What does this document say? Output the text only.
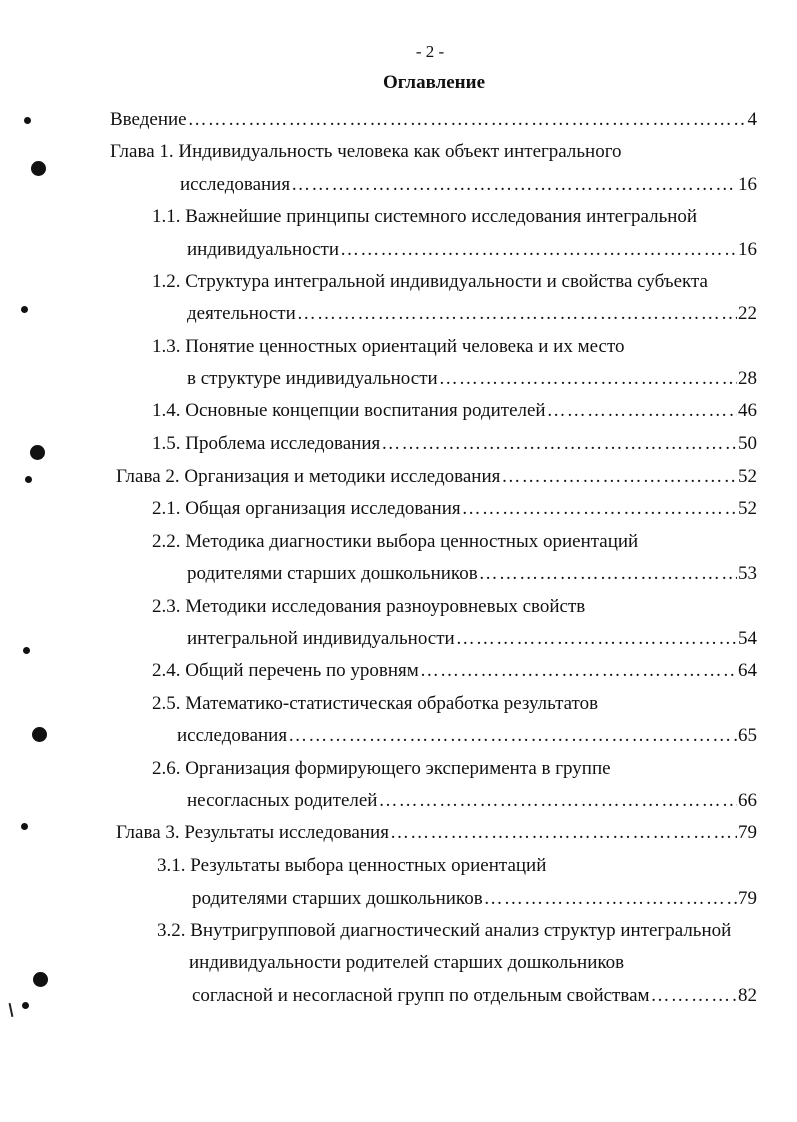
- 2 -
Оглавление
Введение ………………………………………………………………………………………………………………………………………………………………………………………………	4
Глава 1. Индивидуальность человека как объект интегрального
исследования ………………………………………………………………………………………………………………………………………………………………………………………………	16
1.1. Важнейшие принципы системного исследования интегральной
индивидуальности ………………………………………………………………………………………………………………………………………………………………………………………………	16
1.2. Структура интегральной индивидуальности и свойства субъекта
деятельности ………………………………………………………………………………………………………………………………………………………………………………………………	22
1.3. Понятие ценностных ориентаций человека и их место
в структуре индивидуальности ………………………………………………………………………………………………………………………………………………………………………………………………	28
1.4. Основные концепции воспитания родителей ………………………………………………………………………………………………………………………………………………………………………………………………	46
1.5. Проблема исследования ………………………………………………………………………………………………………………………………………………………………………………………………	50
Глава 2. Организация и методики исследования ………………………………………………………………………………………………………………………………………………………………………………………………	52
2.1. Общая организация исследования ………………………………………………………………………………………………………………………………………………………………………………………………	52
2.2. Методика диагностики выбора ценностных ориентаций
родителями старших дошкольников ………………………………………………………………………………………………………………………………………………………………………………………………	53
2.3. Методики исследования разноуровневых свойств
интегральной индивидуальности ………………………………………………………………………………………………………………………………………………………………………………………………	54
2.4. Общий перечень по уровням ………………………………………………………………………………………………………………………………………………………………………………………………	64
2.5. Математико-статистическая обработка результатов
исследования ………………………………………………………………………………………………………………………………………………………………………………………………	65
2.6. Организация формирующего эксперимента в группе
несогласных родителей ………………………………………………………………………………………………………………………………………………………………………………………………	66
Глава 3. Результаты исследования ………………………………………………………………………………………………………………………………………………………………………………………………	79
3.1. Результаты выбора ценностных ориентаций
родителями старших дошкольников ………………………………………………………………………………………………………………………………………………………………………………………………	79
3.2. Внутригрупповой диагностический анализ структур интегральной
индивидуальности родителей старших дошкольников
согласной и несогласной групп по отдельным свойствам ………………………………………………………………………………………………………………………………………………………………………………………………	82
